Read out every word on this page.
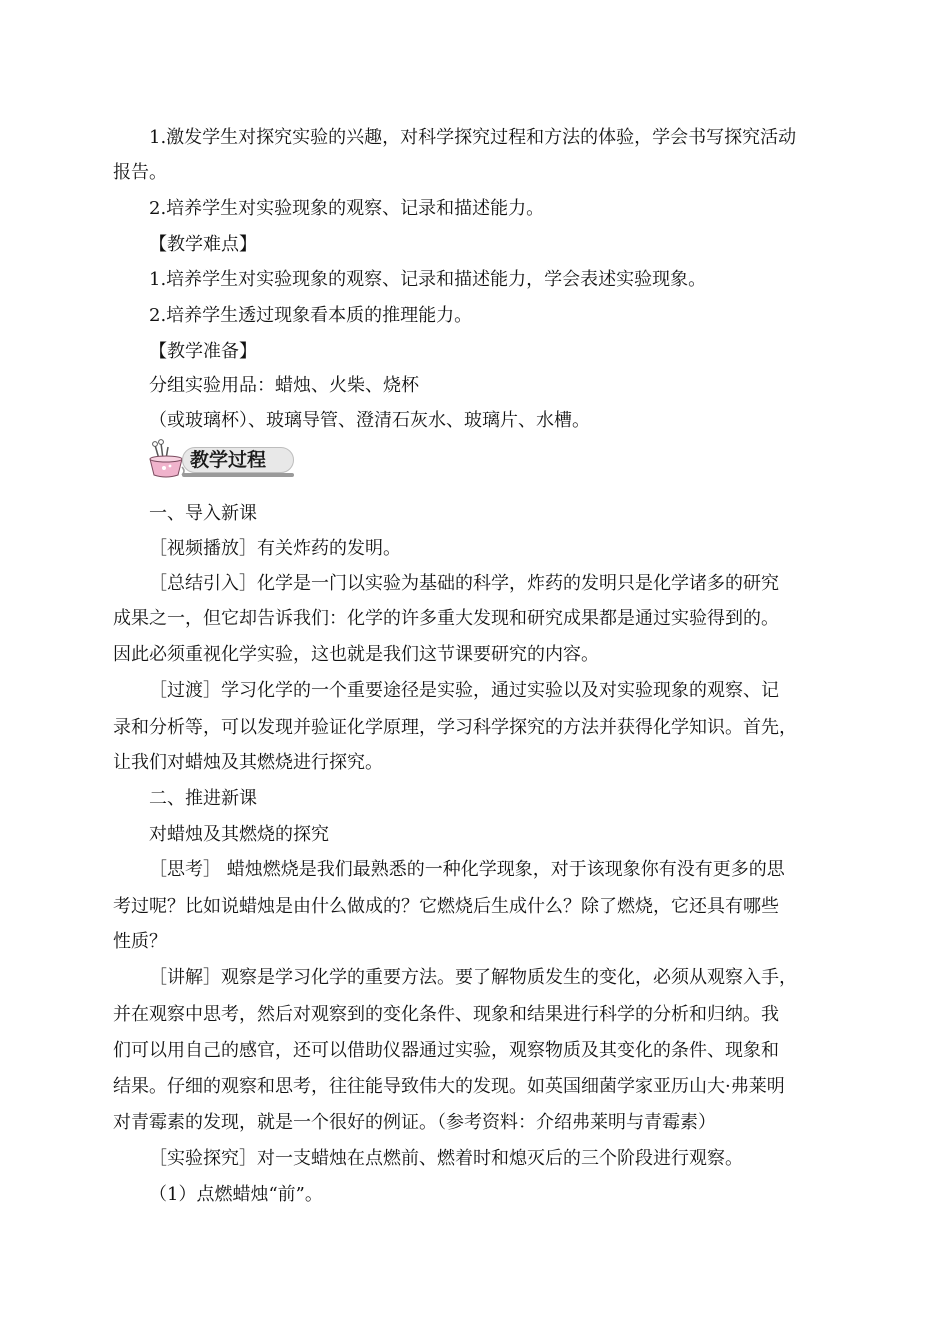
1.激发学生对探究实验的兴趣，对科学探究过程和方法的体验，学会书写探究活动
报告。
2.培养学生对实验现象的观察、记录和描述能力。
【教学难点】
1.培养学生对实验现象的观察、记录和描述能力，学会表述实验现象。
2.培养学生透过现象看本质的推理能力。
【教学准备】
分组实验用品：蜡烛、火柴、烧杯
（或玻璃杯）、玻璃导管、澄清石灰水、玻璃片、水槽。
教学过程
一、导入新课
［视频播放］有关炸药的发明。
［总结引入］化学是一门以实验为基础的科学，炸药的发明只是化学诸多的研究
成果之一，但它却告诉我们：化学的许多重大发现和研究成果都是通过实验得到的。
因此必须重视化学实验，这也就是我们这节课要研究的内容。
［过渡］学习化学的一个重要途径是实验，通过实验以及对实验现象的观察、记
录和分析等，可以发现并验证化学原理，学习科学探究的方法并获得化学知识。首先，
让我们对蜡烛及其燃烧进行探究。
二、推进新课
对蜡烛及其燃烧的探究
［思考］ 蜡烛燃烧是我们最熟悉的一种化学现象，对于该现象你有没有更多的思
考过呢？比如说蜡烛是由什么做成的？它燃烧后生成什么？除了燃烧，它还具有哪些
性质？
［讲解］观察是学习化学的重要方法。要了解物质发生的变化，必须从观察入手，
并在观察中思考，然后对观察到的变化条件、现象和结果进行科学的分析和归纳。我
们可以用自己的感官，还可以借助仪器通过实验，观察物质及其变化的条件、现象和
结果。仔细的观察和思考，往往能导致伟大的发现。如英国细菌学家亚历山大·弗莱明
对青霉素的发现，就是一个很好的例证。（参考资料：介绍弗莱明与青霉素）
［实验探究］对一支蜡烛在点燃前、燃着时和熄灭后的三个阶段进行观察。
（1）点燃蜡烛“前”。
